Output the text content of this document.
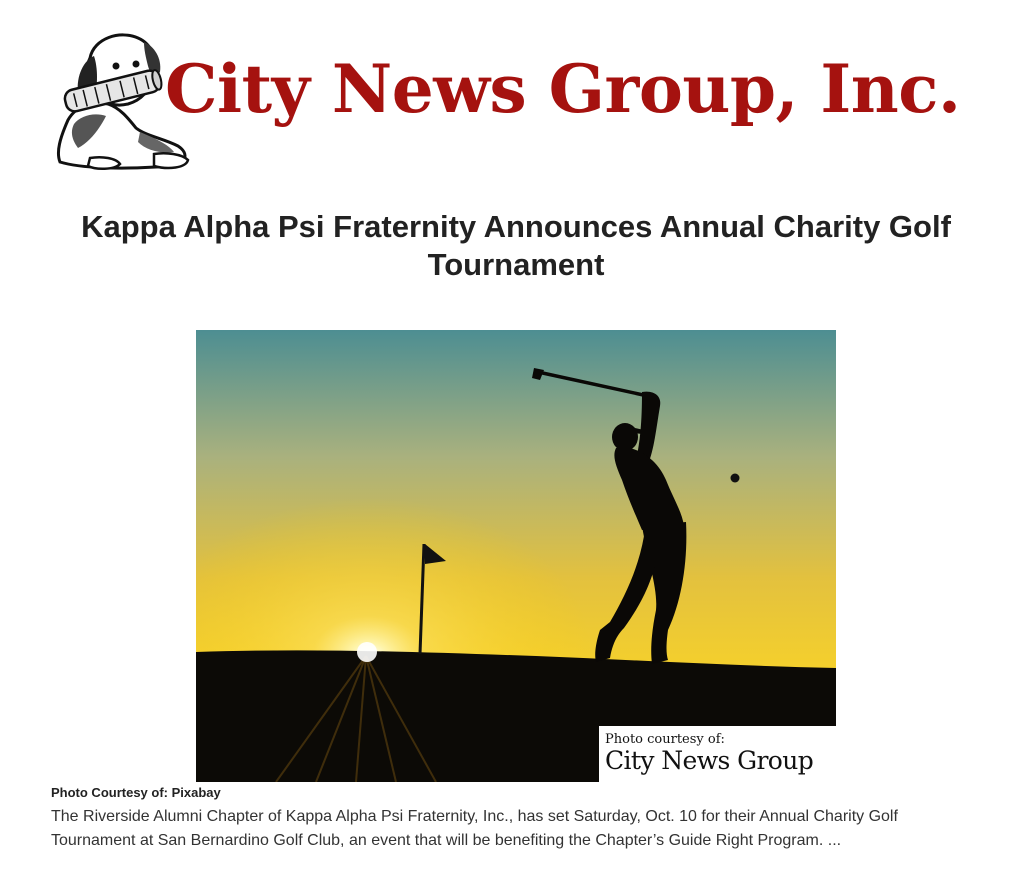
City News Group, Inc.
Kappa Alpha Psi Fraternity Announces Annual Charity Golf Tournament
Photo courtesy of:
City News Group
Photo Courtesy of: Pixabay

The Riverside Alumni Chapter of Kappa Alpha Psi Fraternity, Inc., has set Saturday, Oct. 10 for their Annual Charity Golf Tournament at San Bernardino Golf Club, an event that will be benefiting the Chapter’s Guide Right Program. ...
